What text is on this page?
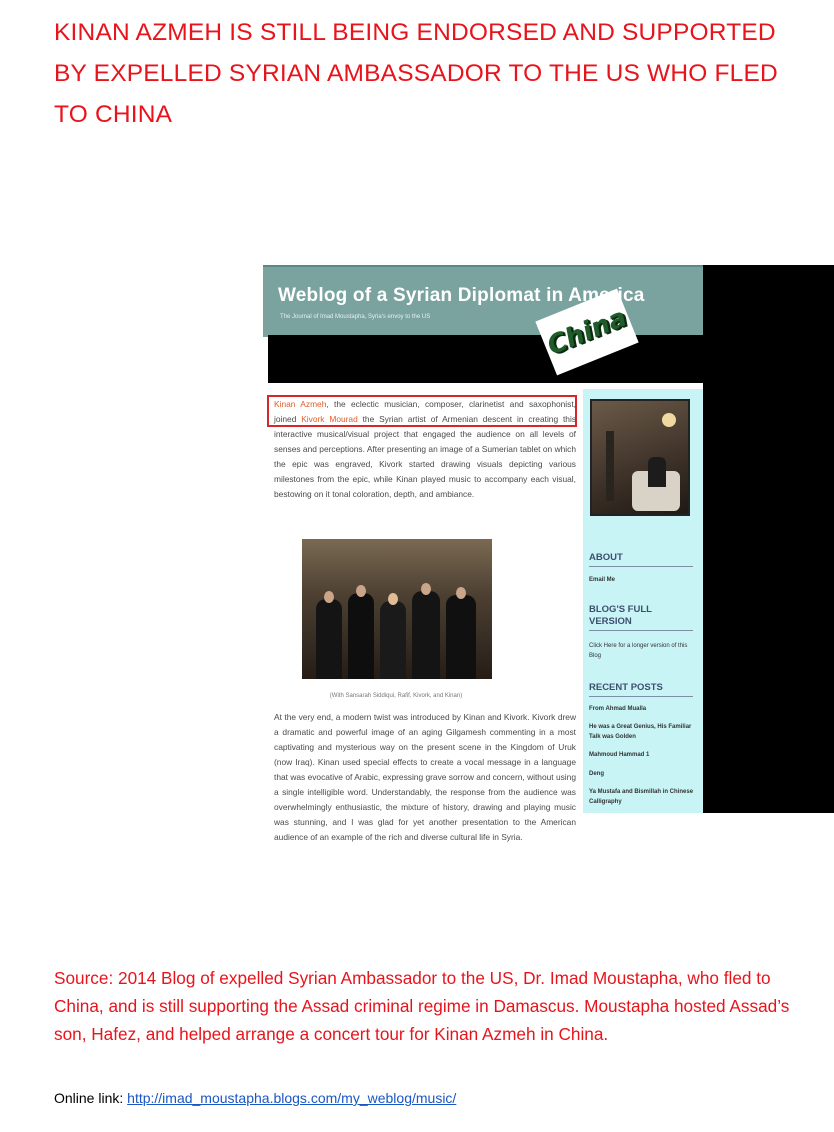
KINAN AZMEH IS STILL BEING ENDORSED AND SUPPORTED BY EXPELLED SYRIAN AMBASSADOR TO THE US WHO FLED TO CHINA
Weblog of a Syrian Diplomat in America
The Journal of Imad Moustapha, Syria's envoy to the US	China

Kinan Azmeh, the eclectic musician, composer, clarinetist and saxophonist, joined Kivork Mourad the Syrian artist of Armenian descent in creating this interactive musical/visual project that engaged the audience on all levels of senses and perceptions. After presenting an image of a Sumerian tablet on which the epic was engraved, Kivork started drawing visuals depicting various milestones from the epic, while Kinan played music to accompany each visual, bestowing on it tonal coloration, depth, and ambiance.

(With Sansarah Siddiqui, Rafif, Kivork, and Kinan)

At the very end, a modern twist was introduced by Kinan and Kivork. Kivork drew a dramatic and powerful image of an aging Gilgamesh commenting in a most captivating and mysterious way on the present scene in the Kingdom of Uruk (now Iraq). Kinan used special effects to create a vocal message in a language that was evocative of Arabic, expressing grave sorrow and concern, without using a single intelligible word. Understandably, the response from the audience was overwhelmingly enthusiastic, the mixture of history, drawing and playing music was stunning, and I was glad for yet another presentation to the American audience of an example of the rich and diverse cultural life in Syria.

ABOUT

Email Me

BLOG'S FULL VERSION

Click Here for a longer version of this Blog

RECENT POSTS

From Ahmad Mualla

He was a Great Genius, His Familiar Talk was Golden

Mahmoud Hammad 1

Deng

Ya Mustafa and Bismillah in Chinese Calligraphy

Source: 2014 Blog of expelled Syrian Ambassador to the US, Dr. Imad Moustapha, who fled to China, and is still supporting the Assad criminal regime in Damascus. Moustapha hosted Assad’s son, Hafez, and helped arrange a concert tour for Kinan Azmeh in China.

Online link: http://imad_moustapha.blogs.com/my_weblog/music/
